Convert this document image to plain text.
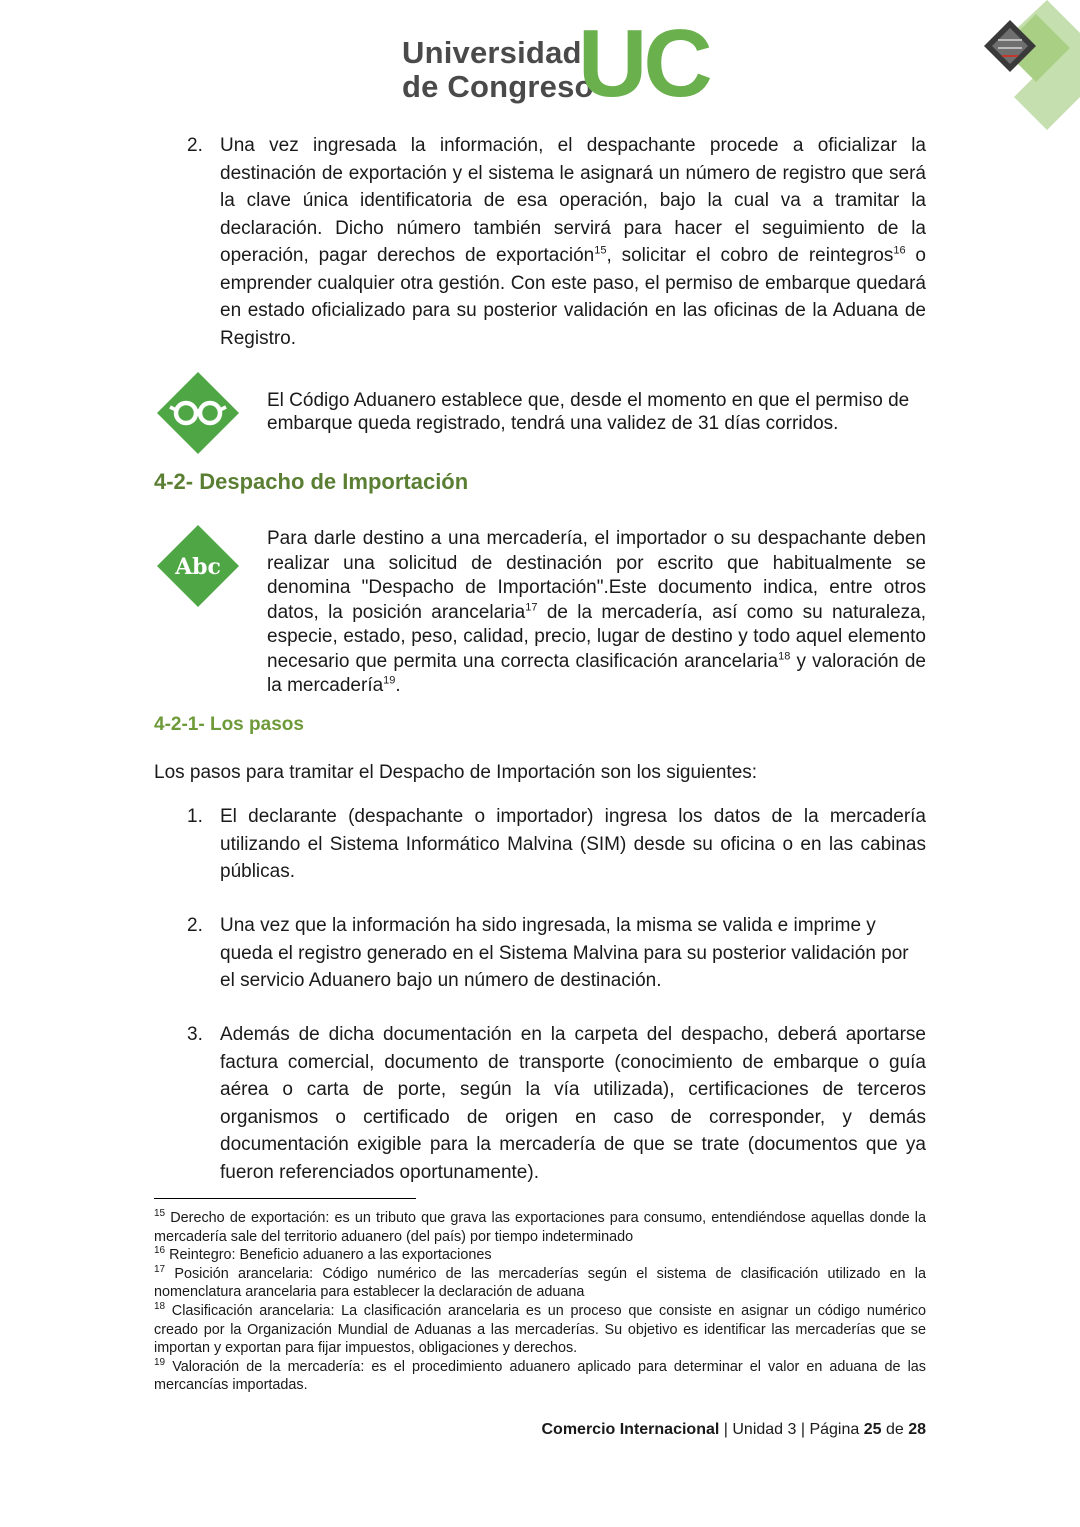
Universidad
de Congreso
UC
2. Una vez ingresada la información, el despachante procede a oficializar la destinación de exportación y el sistema le asignará un número de registro que será la clave única identificatoria de esa operación, bajo la cual va a tramitar la declaración. Dicho número también servirá para hacer el seguimiento de la operación, pagar derechos de exportación$^{15}$, solicitar el cobro de reintegros$^{16}$ o emprender cualquier otra gestión. Con este paso, el permiso de embarque quedará en estado oficializado para su posterior validación en las oficinas de la Aduana de Registro.
El Código Aduanero establece que, desde el momento en que el permiso de embarque queda registrado, tendrá una validez de 31 días corridos.
4-2- Despacho de Importación
Abc
Para darle destino a una mercadería, el importador o su despachante deben realizar una solicitud de destinación por escrito que habitualmente se denomina "Despacho de Importación".Este documento indica, entre otros datos, la posición arancelaria$^{17}$ de la mercadería, así como su naturaleza, especie, estado, peso, calidad, precio, lugar de destino y todo aquel elemento necesario que permita una correcta clasificación arancelaria$^{18}$ y valoración de la mercadería$^{19}$.
4-2-1- Los pasos
Los pasos para tramitar el Despacho de Importación son los siguientes:
1. El declarante (despachante o importador) ingresa los datos de la mercadería utilizando el Sistema Informático Malvina (SIM) desde su oficina o en las cabinas públicas.
2. Una vez que la información ha sido ingresada, la misma se valida e imprime y queda el registro generado en el Sistema Malvina para su posterior validación por el servicio Aduanero bajo un número de destinación.
3. Además de dicha documentación en la carpeta del despacho, deberá aportarse factura comercial, documento de transporte (conocimiento de embarque o guía aérea o carta de porte, según la vía utilizada), certificaciones de terceros organismos o certificado de origen en caso de corresponder, y demás documentación exigible para la mercadería de que se trate (documentos que ya fueron referenciados oportunamente).
$^{15}$ Derecho de exportación: es un tributo que grava las exportaciones para consumo, entendiéndose aquellas donde la mercadería sale del territorio aduanero (del país) por tiempo indeterminado
$^{16}$ Reintegro: Beneficio aduanero a las exportaciones
$^{17}$ Posición arancelaria: Código numérico de las mercaderías según el sistema de clasificación utilizado en la nomenclatura arancelaria para establecer la declaración de aduana
$^{18}$ Clasificación arancelaria: La clasificación arancelaria es un proceso que consiste en asignar un código numérico creado por la Organización Mundial de Aduanas a las mercaderías. Su objetivo es identificar las mercaderías que se importan y exportan para fijar impuestos, obligaciones y derechos.
$^{19}$ Valoración de la mercadería: es el procedimiento aduanero aplicado para determinar el valor en aduana de las mercancías importadas.
Comercio Internacional | Unidad 3 | Página 25 de 28
